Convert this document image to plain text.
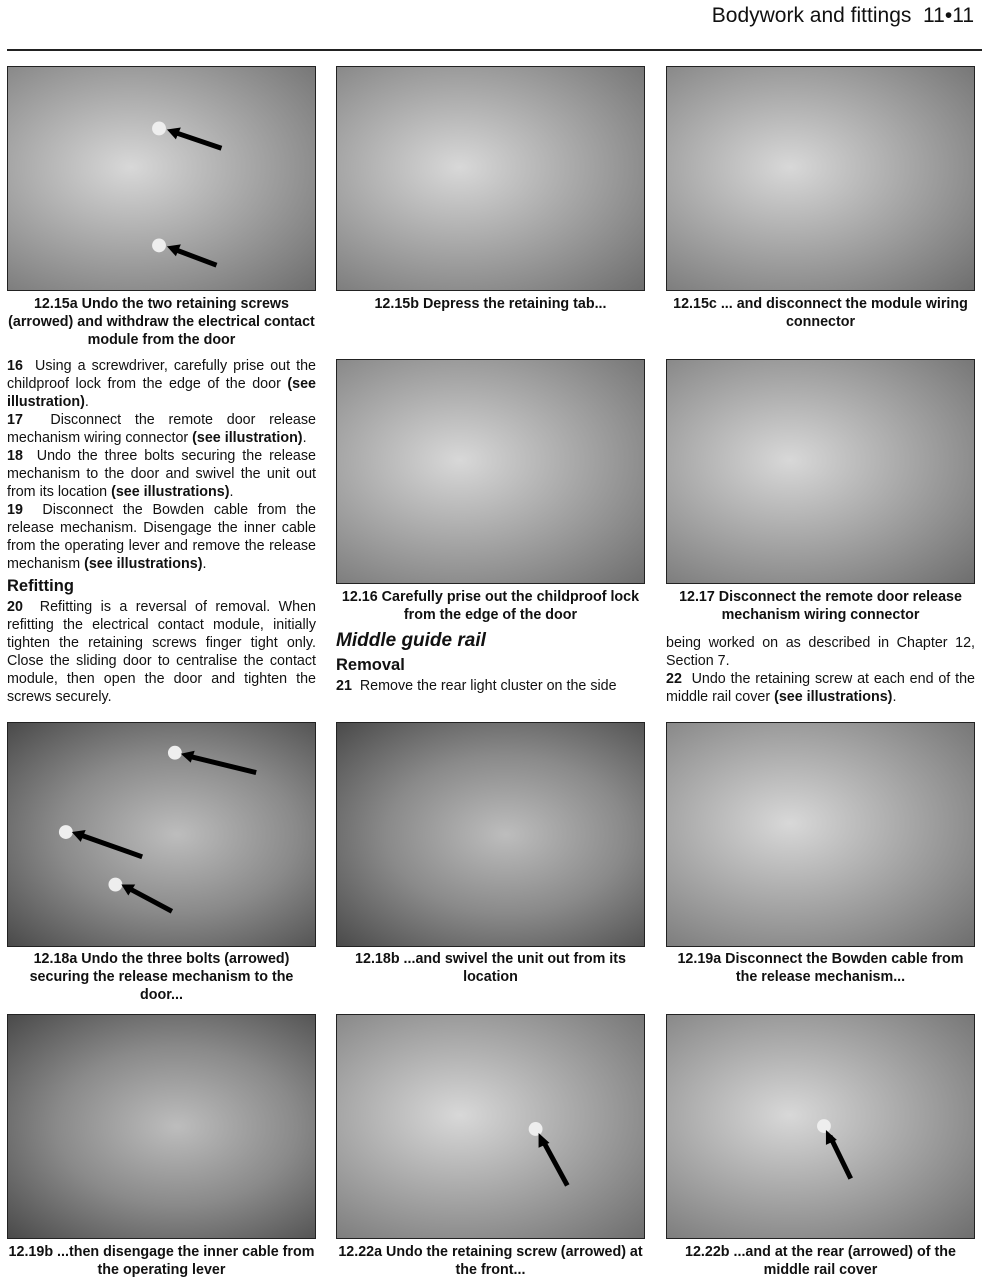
Bodywork and fittings 11•11
12.15a Undo the two retaining screws (arrowed) and withdraw the electrical contact module from the door
12.15b Depress the retaining tab...	12.15c ... and disconnect the module wiring connector

16 Using a screwdriver, carefully prise out the childproof lock from the edge of the door (see illustration).

17 Disconnect the remote door release mechanism wiring connector (see illustration).

18 Undo the three bolts securing the release mechanism to the door and swivel the unit out from its location (see illustrations).

19 Disconnect the Bowden cable from the release mechanism. Disengage the inner cable from the operating lever and remove the release mechanism (see illustrations).

Refitting

20 Refitting is a reversal of removal. When refitting the electrical contact module, initially tighten the retaining screws finger tight only. Close the sliding door to centralise the contact module, then open the door and tighten the screws securely.

12.16 Carefully prise out the childproof lock from the edge of the door
12.17 Disconnect the remote door release mechanism wiring connector
Middle guide rail
Removal

21 Remove the rear light cluster on the side

being worked on as described in Chapter 12, Section 7.

22 Undo the retaining screw at each end of the middle rail cover (see illustrations).

12.18a Undo the three bolts (arrowed) securing the release mechanism to the door...
12.18b ...and swivel the unit out from its location
12.19a Disconnect the Bowden cable from the release mechanism...
12.19b ...then disengage the inner cable from the operating lever
12.22a Undo the retaining screw (arrowed) at the front...
12.22b ...and at the rear (arrowed) of the middle rail cover
